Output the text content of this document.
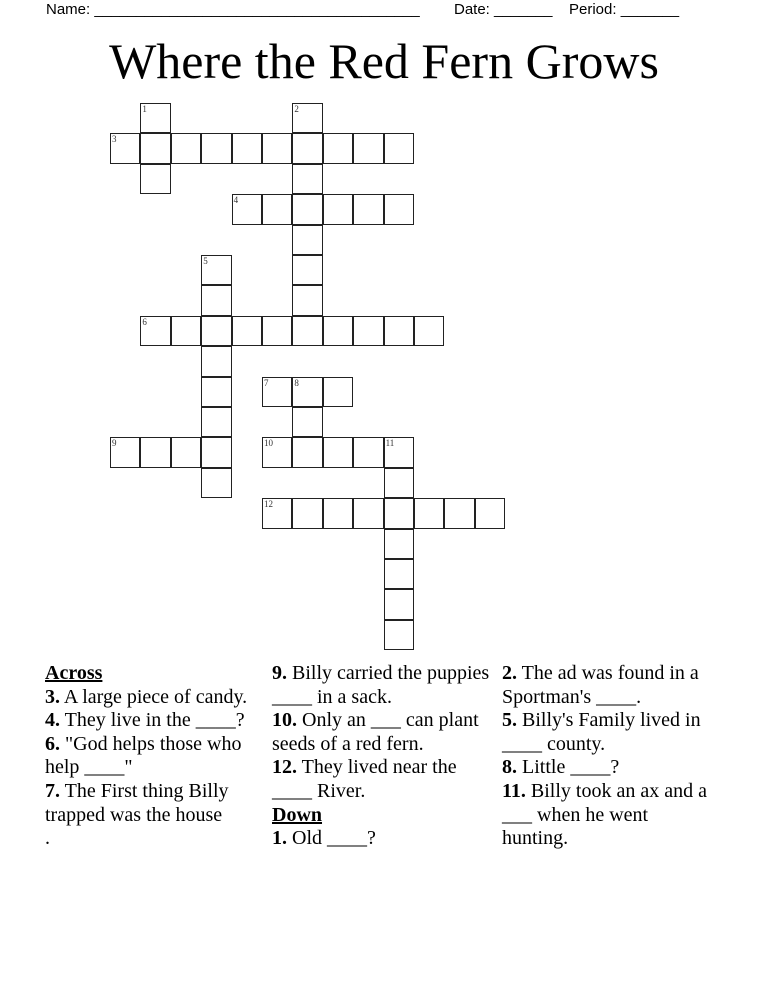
Name: _______________________________________ Date: _______ Period: _______
Where the Red Fern Grows
1	2
3
4
5
6
7	8
9	10	11
12
Across
3. A large piece of candy.
4. They live in the ____?
6. "God helps those who help ____"
7. The First thing Billy trapped was the house        .
9. Billy carried the puppies ____ in a sack.
10. Only an ___ can plant seeds of a red fern.
12. They lived near the ____ River.
Down
1. Old ____?
2. The ad was found in a Sportman's ____.
5. Billy's Family lived in ____ county.
8. Little ____?
11. Billy took an ax and a ___ when he went hunting.
